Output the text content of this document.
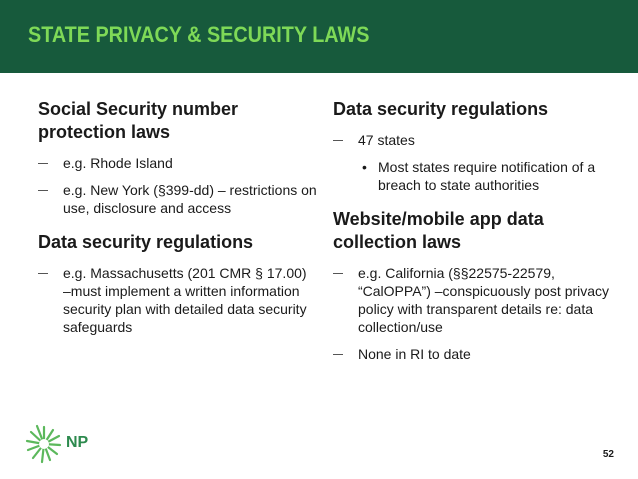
STATE PRIVACY & SECURITY LAWS
Social Security number protection laws
e.g. Rhode Island
e.g. New York (§399-dd) – restrictions on use, disclosure and access
Data security regulations
e.g. Massachusetts (201 CMR § 17.00) –must implement a written information security plan with detailed data security safeguards
Data security regulations
47 states
• Most states require notification of a breach to state authorities
Website/mobile app data collection laws
e.g. California (§§22575-22579, “CalOPPA”) –conspicuously post privacy policy with transparent details re: data collection/use
None in RI to date
NP
52
